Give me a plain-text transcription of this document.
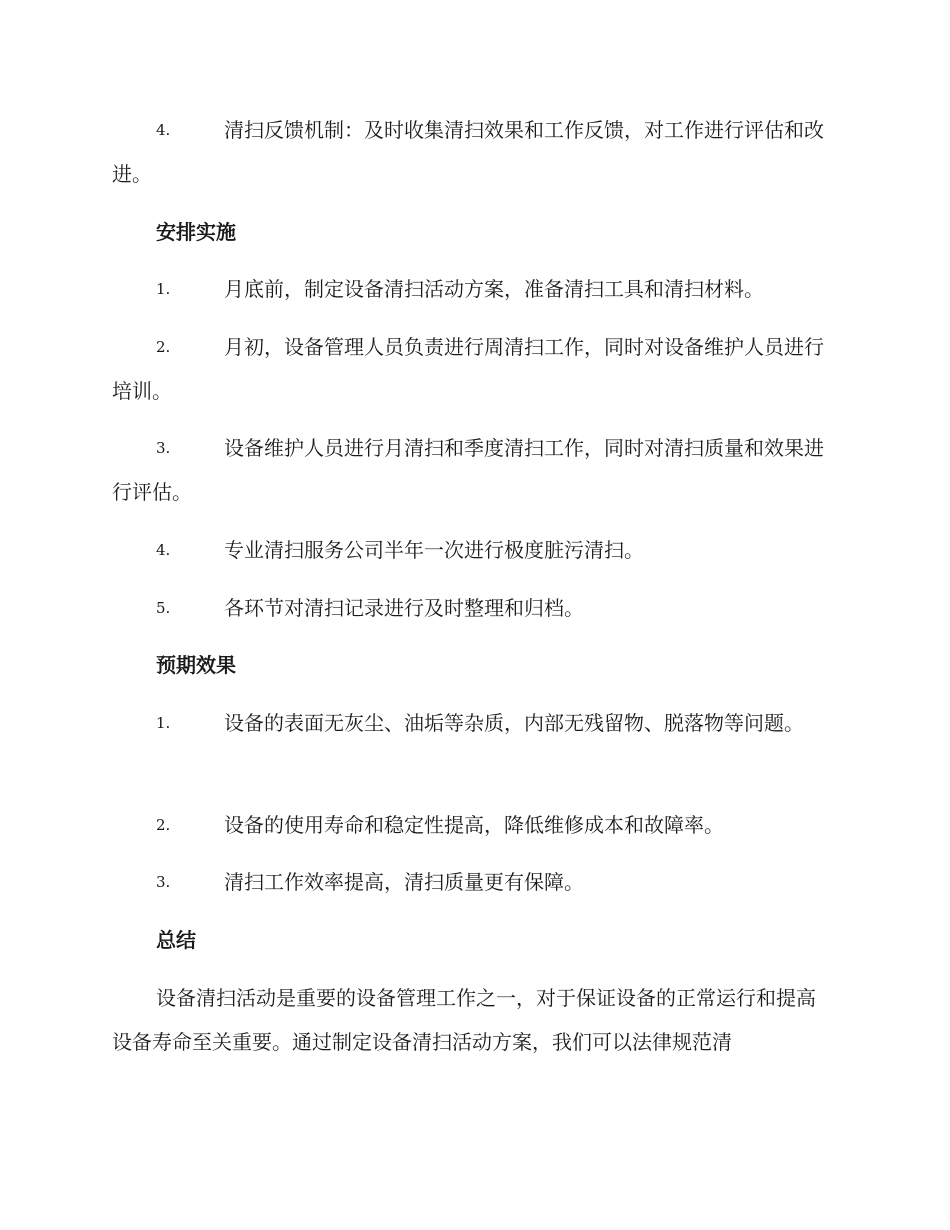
4.	清扫反馈机制：及时收集清扫效果和工作反馈，对工作进行评估和改进。

安排实施

1.	月底前，制定设备清扫活动方案，准备清扫工具和清扫材料。

2.	月初，设备管理人员负责进行周清扫工作，同时对设备维护人员进行培训。

3.	设备维护人员进行月清扫和季度清扫工作，同时对清扫质量和效果进行评估。

4.	专业清扫服务公司半年一次进行极度脏污清扫。

5.	各环节对清扫记录进行及时整理和归档。

预期效果

1.	设备的表面无灰尘、油垢等杂质，内部无残留物、脱落物等问题。

2.	设备的使用寿命和稳定性提高，降低维修成本和故障率。

3.	清扫工作效率提高，清扫质量更有保障。

总结

设备清扫活动是重要的设备管理工作之一，对于保证设备的正常运行和提高设备寿命至关重要。通过制定设备清扫活动方案，我们可以法律规范清
